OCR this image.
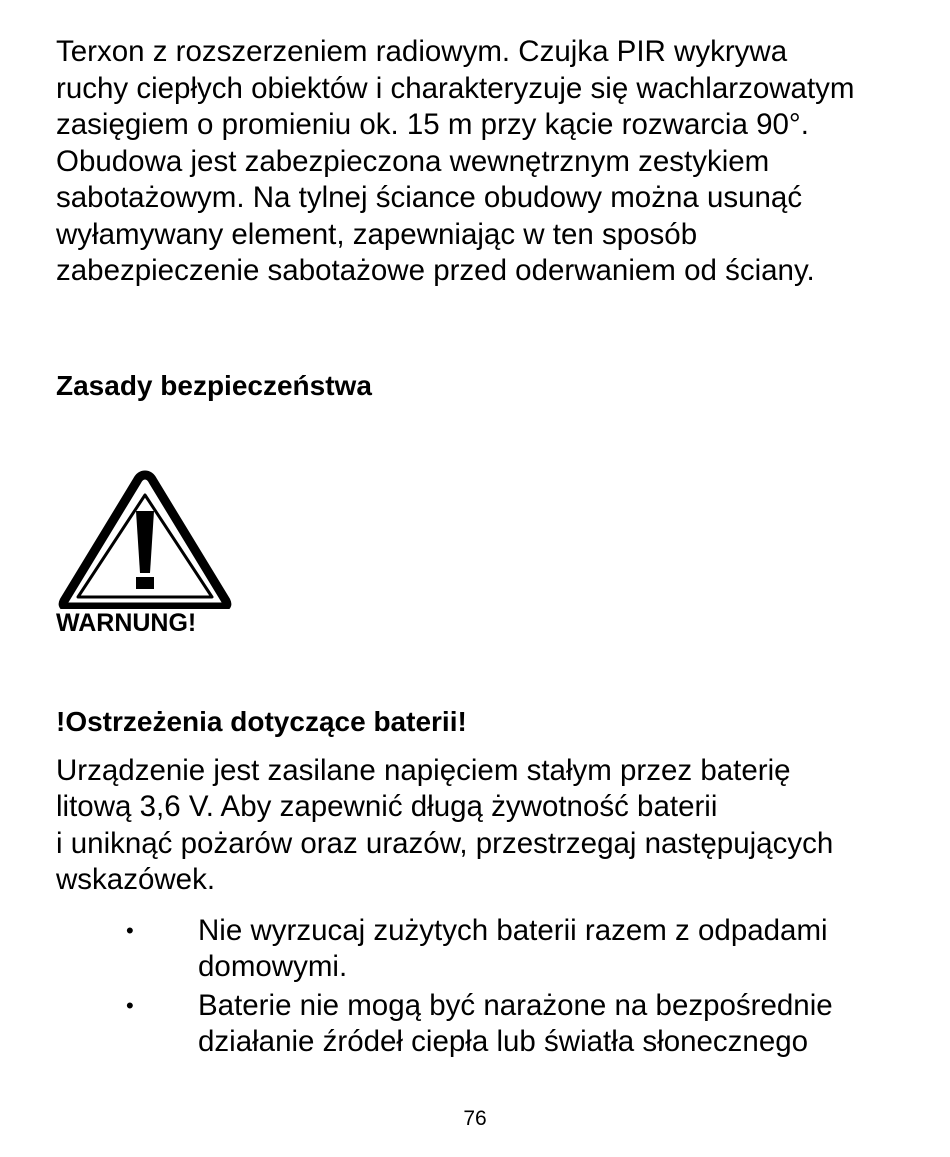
Terxon z rozszerzeniem radiowym. Czujka PIR wykrywa
ruchy ciepłych obiektów i charakteryzuje się wachlarzowatym
zasięgiem o promieniu ok. 15 m przy kącie rozwarcia 90°.
Obudowa jest zabezpieczona wewnętrznym zestykiem
sabotażowym. Na tylnej ściance obudowy można usunąć
wyłamywany element, zapewniając w ten sposób
zabezpieczenie sabotażowe przed oderwaniem od ściany.

Zasady bezpieczeństwa
WARNUNG!
!Ostrzeżenia dotyczące baterii!

Urządzenie jest zasilane napięciem stałym przez baterię
litową 3,6 V. Aby zapewnić długą żywotność baterii
i uniknąć pożarów oraz urazów, przestrzegaj następujących
wskazówek.

• Nie wyrzucaj zużytych baterii razem z odpadami
domowymi.
• Baterie nie mogą być narażone na bezpośrednie
działanie źródeł ciepła lub światła słonecznego
76
